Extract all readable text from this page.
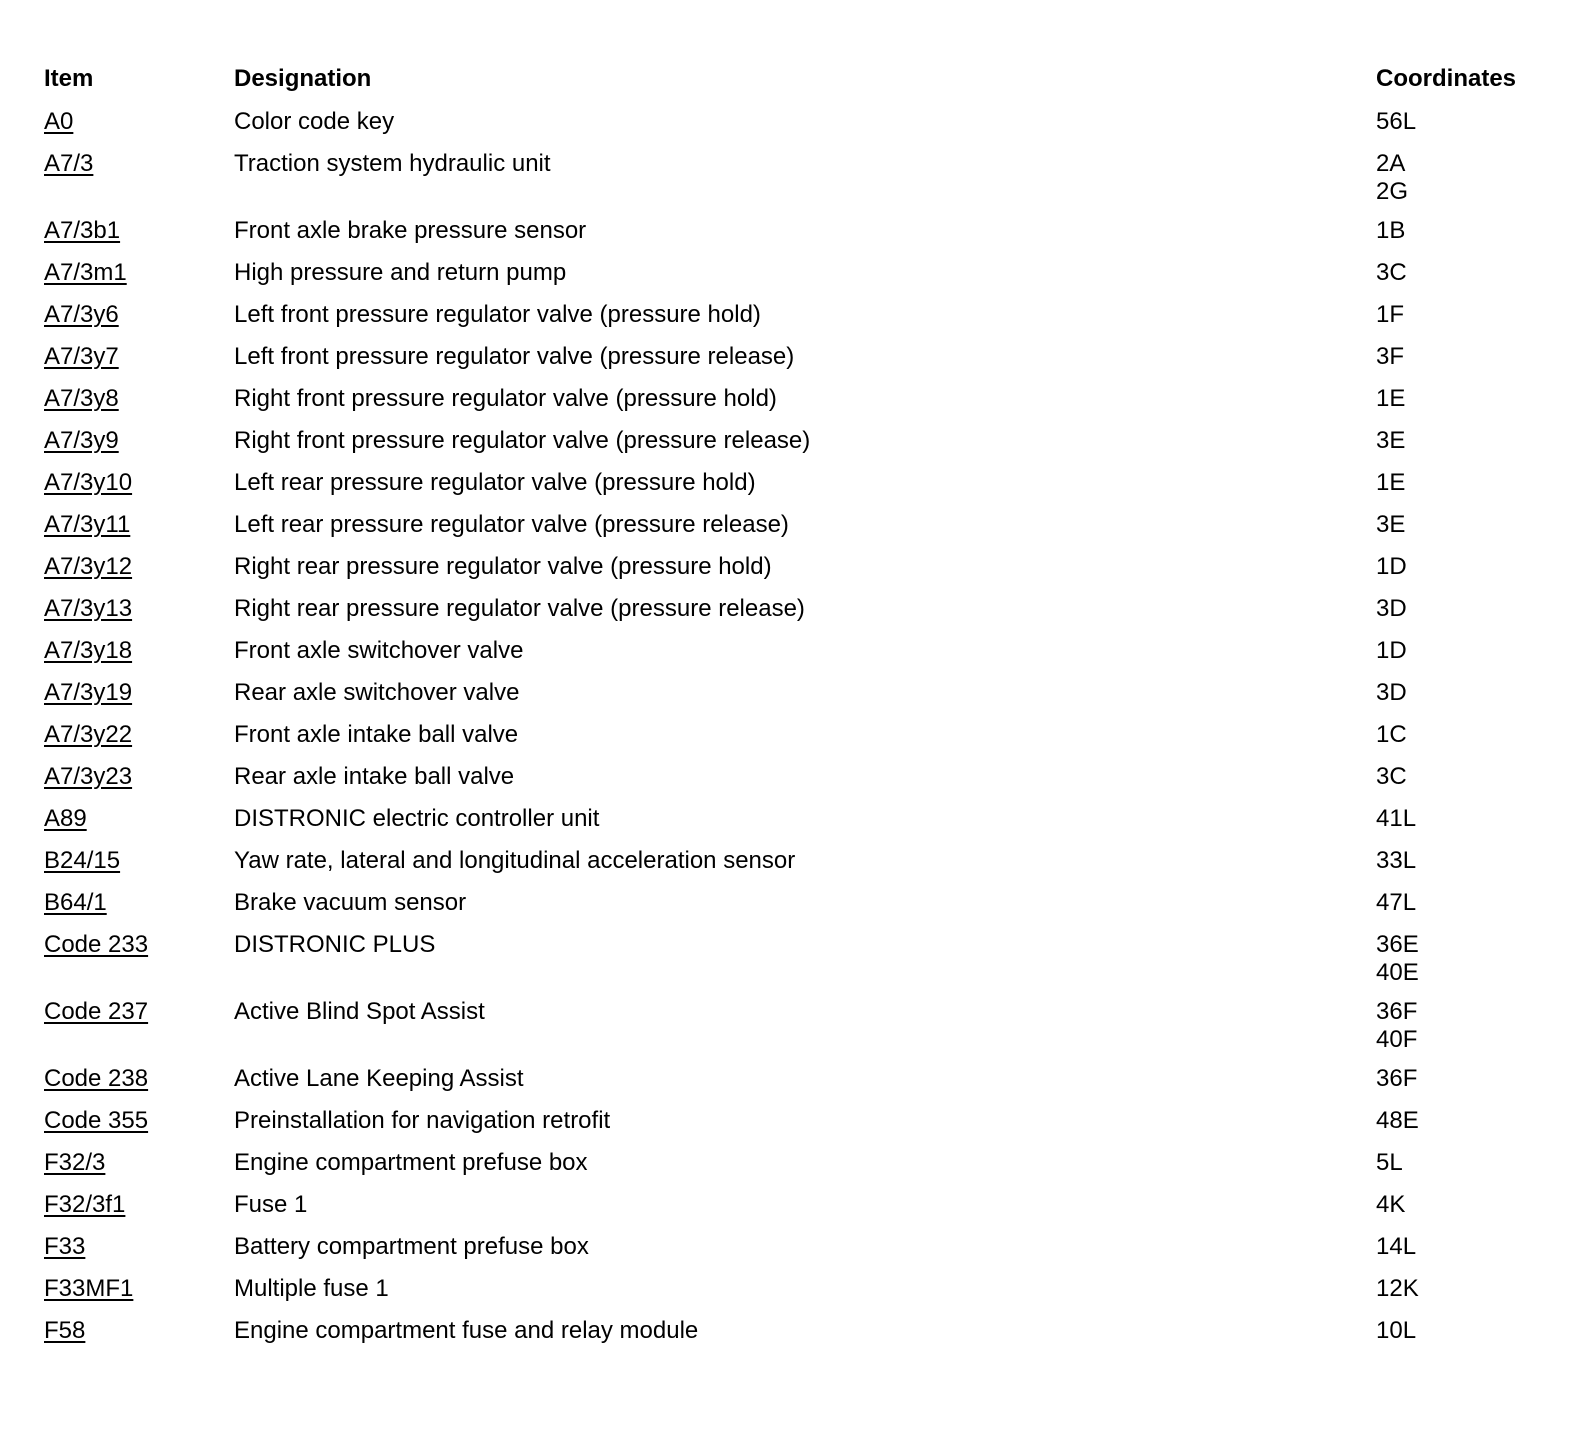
Item	Designation	Coordinates
A0	Color code key	56L
A7/3	Traction system hydraulic unit	2A
2G
A7/3b1	Front axle brake pressure sensor	1B
A7/3m1	High pressure and return pump	3C
A7/3y6	Left front pressure regulator valve (pressure hold)	1F
A7/3y7	Left front pressure regulator valve (pressure release)	3F
A7/3y8	Right front pressure regulator valve (pressure hold)	1E
A7/3y9	Right front pressure regulator valve (pressure release)	3E
A7/3y10	Left rear pressure regulator valve (pressure hold)	1E
A7/3y11	Left rear pressure regulator valve (pressure release)	3E
A7/3y12	Right rear pressure regulator valve (pressure hold)	1D
A7/3y13	Right rear pressure regulator valve (pressure release)	3D
A7/3y18	Front axle switchover valve	1D
A7/3y19	Rear axle switchover valve	3D
A7/3y22	Front axle intake ball valve	1C
A7/3y23	Rear axle intake ball valve	3C
A89	DISTRONIC electric controller unit	41L
B24/15	Yaw rate, lateral and longitudinal acceleration sensor	33L
B64/1	Brake vacuum sensor	47L
Code 233	DISTRONIC PLUS	36E
40E
Code 237	Active Blind Spot Assist	36F
40F
Code 238	Active Lane Keeping Assist	36F
Code 355	Preinstallation for navigation retrofit	48E
F32/3	Engine compartment prefuse box	5L
F32/3f1	Fuse 1	4K
F33	Battery compartment prefuse box	14L
F33MF1	Multiple fuse 1	12K
F58	Engine compartment fuse and relay module	10L
